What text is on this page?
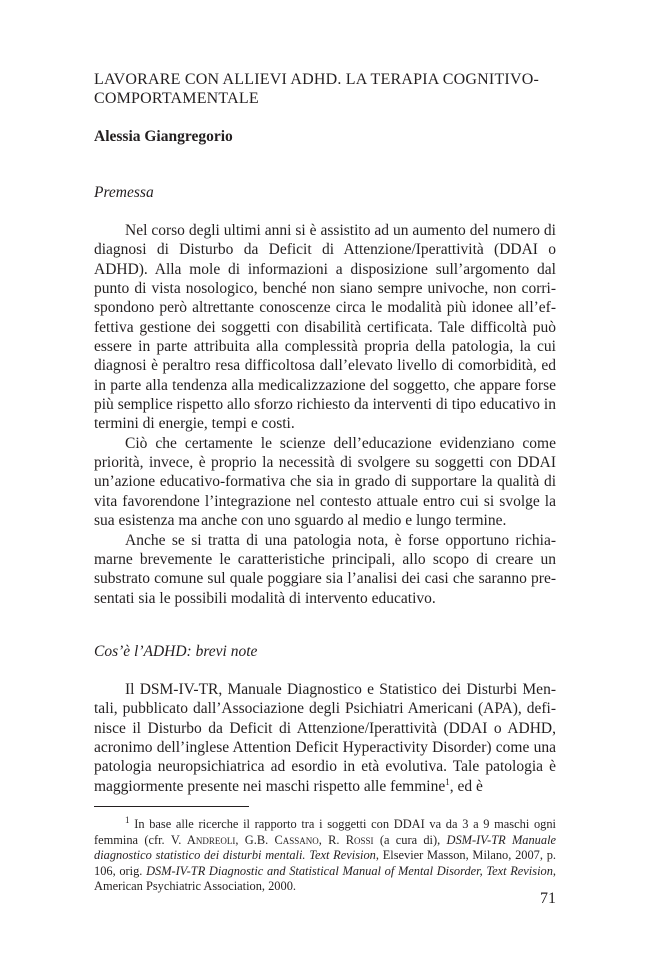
LAVORARE CON ALLIEVI ADHD. LA TERAPIA COGNITIVO-
COMPORTAMENTALE
Alessia Giangregorio
Premessa

Nel corso degli ultimi anni si è assistito ad un aumento del numero di diagnosi di Disturbo da Deficit di Attenzione/Iperattività (DDAI o ADHD). Alla mole di informazioni a disposizione sull’argomento dal punto di vista nosologico, benché non siano sempre univoche, non corrispondono però altrettante conoscenze circa le modalità più idonee all’effettiva gestione dei soggetti con disabilità certificata. Tale difficoltà può essere in parte attribuita alla complessità propria della patologia, la cui diagnosi è peraltro resa difficoltosa dall’elevato livello di comorbidità, ed in parte alla tendenza alla medicalizzazione del soggetto, che appare forse più semplice rispetto allo sforzo richiesto da interventi di tipo educativo in termini di energie, tempi e costi.

Ciò che certamente le scienze dell’educazione evidenziano come priorità, invece, è proprio la necessità di svolgere su soggetti con DDAI un’azione educativo-formativa che sia in grado di supportare la qualità di vita favorendone l’integrazione nel contesto attuale entro cui si svolge la sua esistenza ma anche con uno sguardo al medio e lungo termine.

Anche se si tratta di una patologia nota, è forse opportuno richiamarne brevemente le caratteristiche principali, allo scopo di creare un substrato comune sul quale poggiare sia l’analisi dei casi che saranno presentati sia le possibili modalità di intervento educativo.

Cos’è l’ADHD: brevi note

Il DSM-IV-TR, Manuale Diagnostico e Statistico dei Disturbi Mentali, pubblicato dall’Associazione degli Psichiatri Americani (APA), definisce il Disturbo da Deficit di Attenzione/Iperattività (DDAI o ADHD, acronimo dell’inglese Attention Deficit Hyperactivity Disorder) come una patologia neuropsichiatrica ad esordio in età evolutiva. Tale patologia è maggiormente presente nei maschi rispetto alle femmine$^1$, ed è

$^1$ In base alle ricerche il rapporto tra i soggetti con DDAI va da 3 a 9 maschi ogni femmina (cfr. V. Andreoli, G.B. Cassano, R. Rossi (a cura di), DSM-IV-TR Manuale diagnostico statistico dei disturbi mentali. Text Revision, Elsevier Masson, Milano, 2007, p. 106, orig. DSM-IV-TR Diagnostic and Statistical Manual of Mental Disorder, Text Revision, American Psychiatric Association, 2000.

71
